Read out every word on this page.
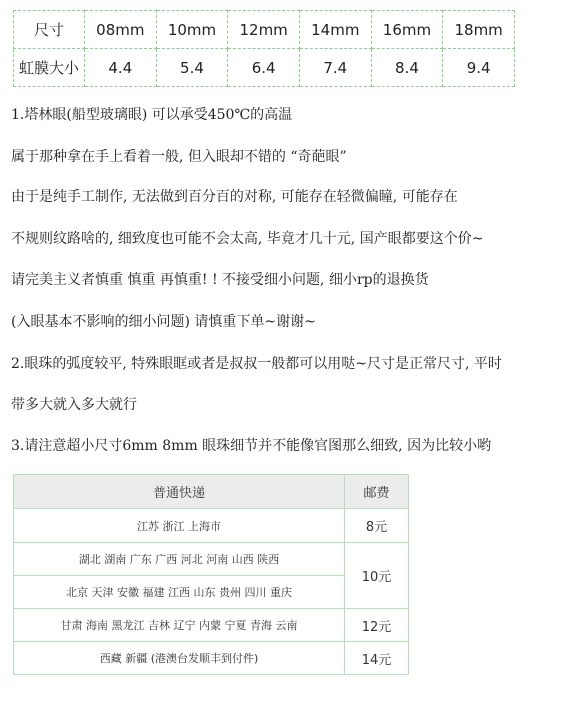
尺寸	08mm	10mm	12mm	14mm	16mm	18mm
虹膜大小	4.4	5.4	6.4	7.4	8.4	9.4
1.塔林眼(船型玻璃眼) 可以承受450℃的高温
属于那种拿在手上看着一般, 但入眼却不错的 “奇葩眼”
由于是纯手工制作, 无法做到百分百的对称, 可能存在轻微偏瞳, 可能存在
不规则纹路啥的, 细致度也可能不会太高, 毕竟才几十元, 国产眼都要这个价~
请完美主义者慎重 慎重 再慎重! ! 不接受细小问题, 细小rp的退换货
(入眼基本不影响的细小问题) 请慎重下单~谢谢~
2.眼珠的弧度较平, 特殊眼眶或者是叔叔一般都可以用哒~尺寸是正常尺寸, 平时
带多大就入多大就行
3.请注意超小尺寸6mm 8mm 眼珠细节并不能像官图那么细致, 因为比较小哟
普通快递	邮费
江苏 浙江 上海市	8元
湖北 湖南 广东 广西 河北 河南 山西 陕西	10元
北京 天津 安徽 福建 江西 山东 贵州 四川 重庆	
甘肃 海南 黑龙江 吉林 辽宁 内蒙 宁夏 青海 云南	12元
西藏 新疆 (港澳台发顺丰到付件)	14元
